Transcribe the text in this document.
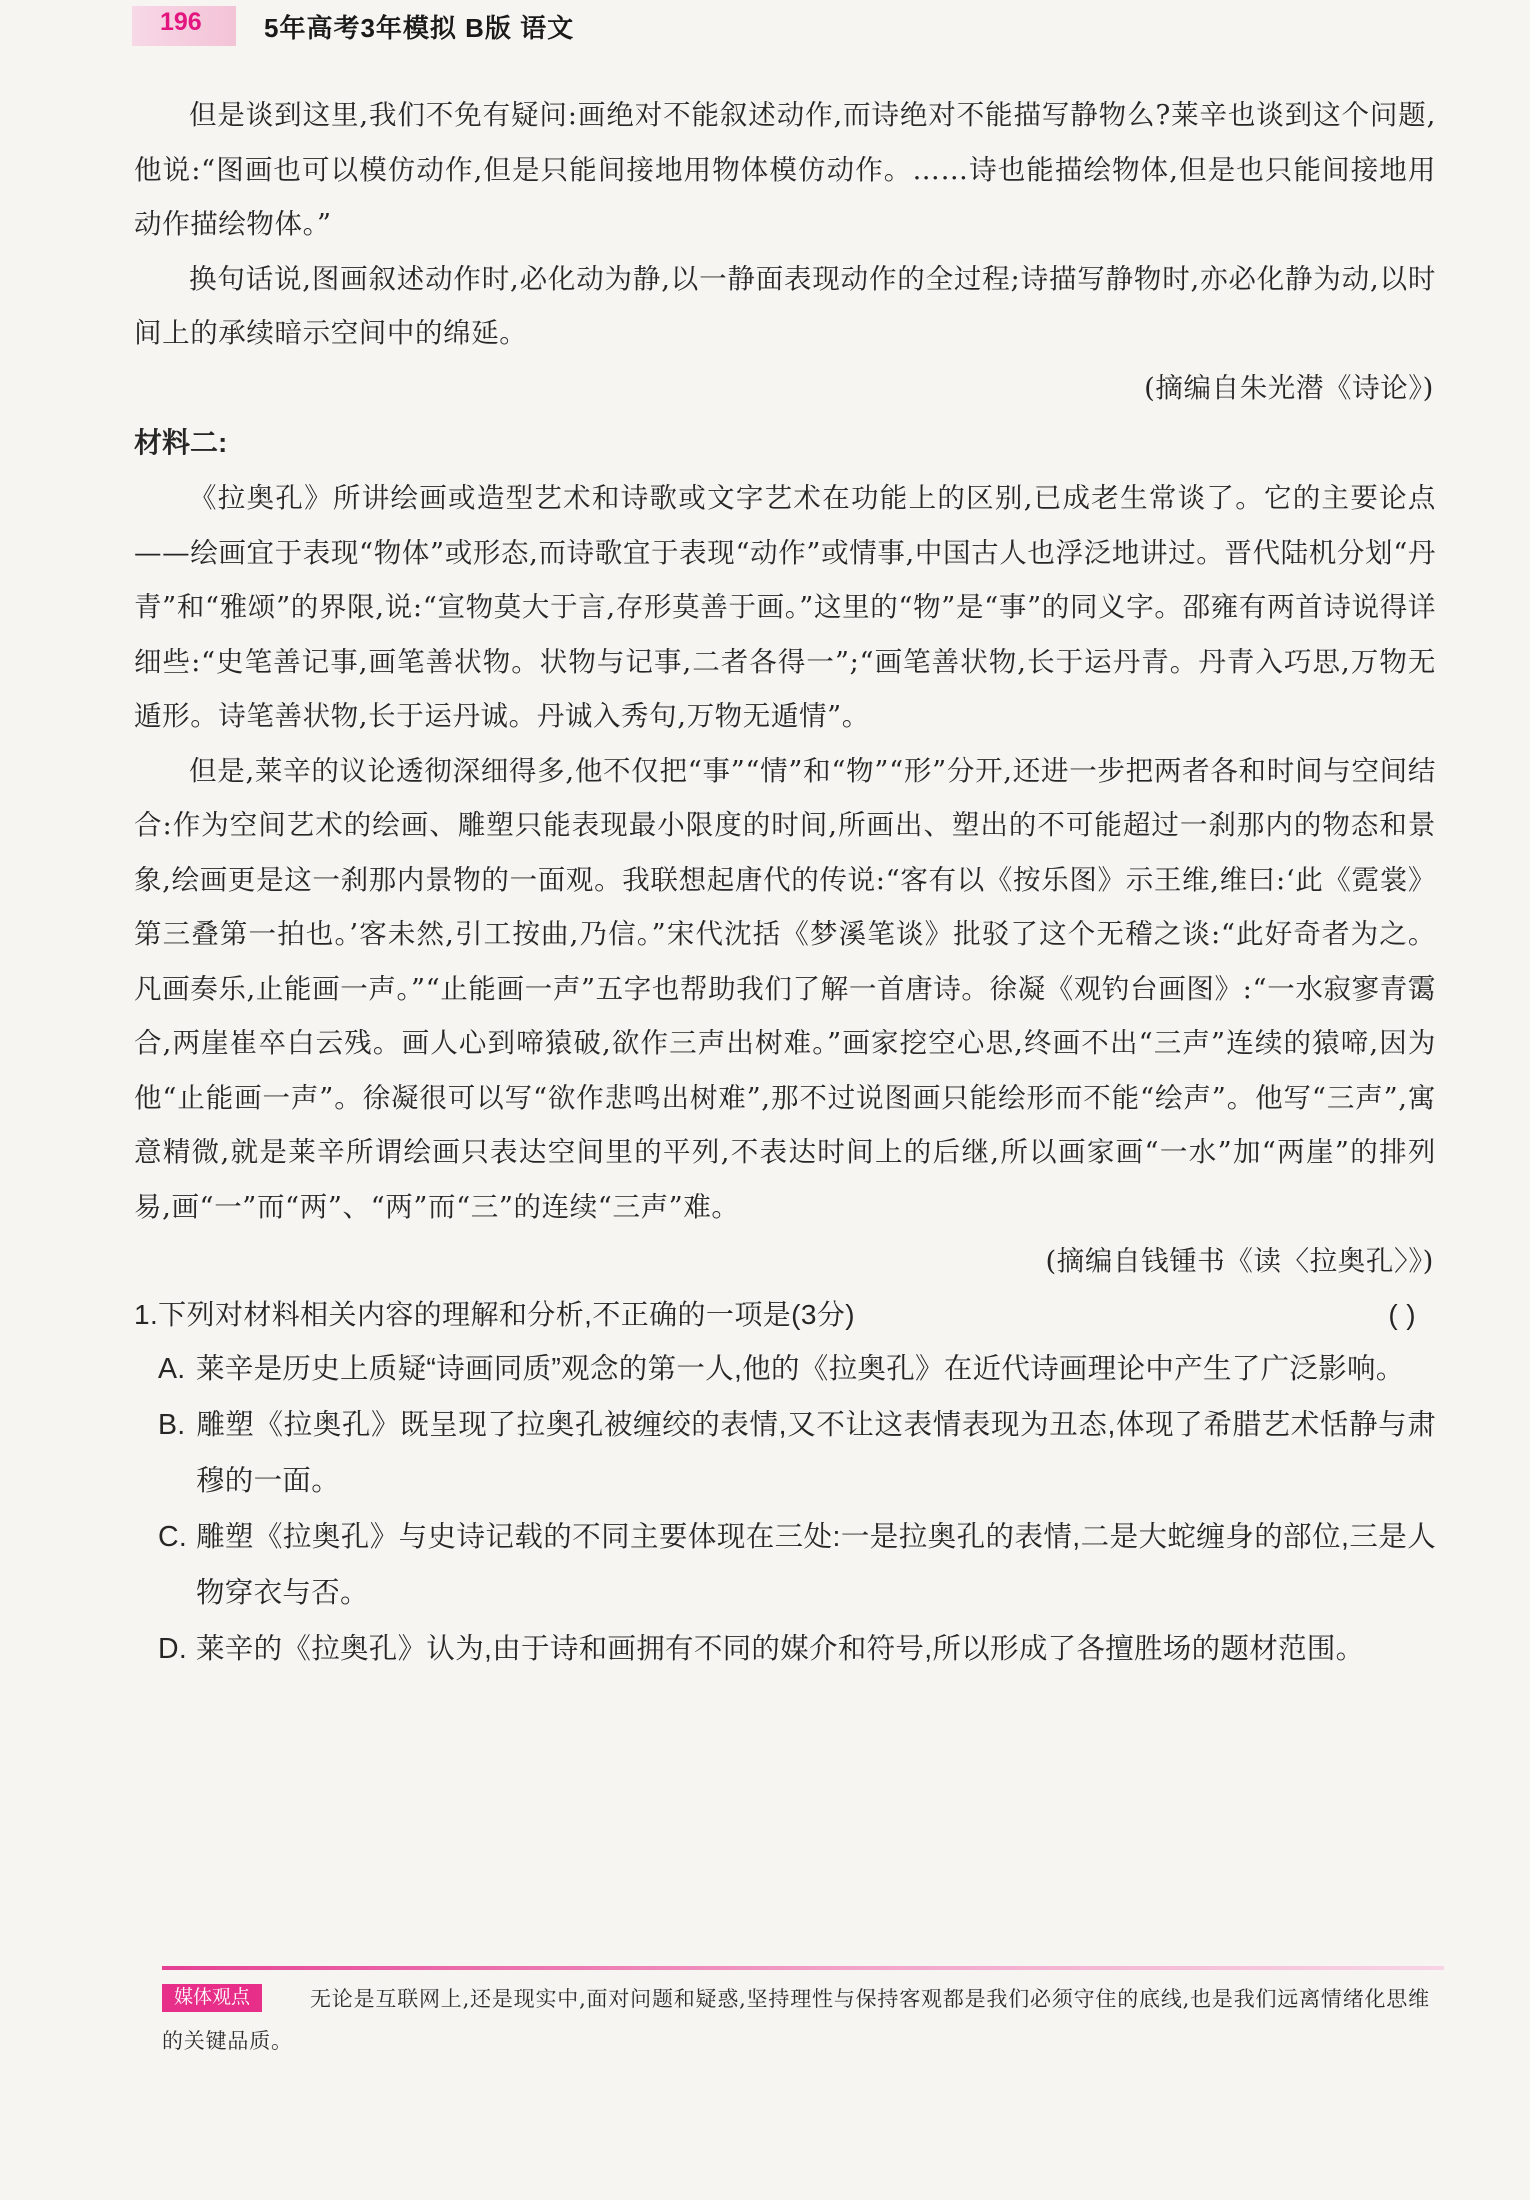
196 5年高考3年模拟 B版 语文

但是谈到这里,我们不免有疑问:画绝对不能叙述动作,而诗绝对不能描写静物么?莱辛也谈到这个问题,他说:“图画也可以模仿动作,但是只能间接地用物体模仿动作。……诗也能描绘物体,但是也只能间接地用动作描绘物体。”

换句话说,图画叙述动作时,必化动为静,以一静面表现动作的全过程;诗描写静物时,亦必化静为动,以时间上的承续暗示空间中的绵延。

(摘编自朱光潜《诗论》)

材料二:

《拉奥孔》所讲绘画或造型艺术和诗歌或文字艺术在功能上的区别,已成老生常谈了。它的主要论点——绘画宜于表现“物体”或形态,而诗歌宜于表现“动作”或情事,中国古人也浮泛地讲过。晋代陆机分划“丹青”和“雅颂”的界限,说:“宣物莫大于言,存形莫善于画。”这里的“物”是“事”的同义字。邵雍有两首诗说得详细些:“史笔善记事,画笔善状物。状物与记事,二者各得一”;“画笔善状物,长于运丹青。丹青入巧思,万物无遁形。诗笔善状物,长于运丹诚。丹诚入秀句,万物无遁情”。

但是,莱辛的议论透彻深细得多,他不仅把“事”“情”和“物”“形”分开,还进一步把两者各和时间与空间结合:作为空间艺术的绘画、雕塑只能表现最小限度的时间,所画出、塑出的不可能超过一刹那内的物态和景象,绘画更是这一刹那内景物的一面观。我联想起唐代的传说:“客有以《按乐图》示王维,维曰:‘此《霓裳》第三叠第一拍也。’客未然,引工按曲,乃信。”宋代沈括《梦溪笔谈》批驳了这个无稽之谈:“此好奇者为之。凡画奏乐,止能画一声。”“止能画一声”五字也帮助我们了解一首唐诗。徐凝《观钓台画图》:“一水寂寥青霭合,两崖崔卒白云残。画人心到啼猿破,欲作三声出树难。”画家挖空心思,终画不出“三声”连续的猿啼,因为他“止能画一声”。徐凝很可以写“欲作悲鸣出树难”,那不过说图画只能绘形而不能“绘声”。他写“三声”,寓意精微,就是莱辛所谓绘画只表达空间里的平列,不表达时间上的后继,所以画家画“一水”加“两崖”的排列易,画“一”而“两”、“两”而“三”的连续“三声”难。

(摘编自钱锺书《读〈拉奥孔〉》)

1.下列对材料相关内容的理解和分析,不正确的一项是(3分)	( )

A. 莱辛是历史上质疑“诗画同质”观念的第一人,他的《拉奥孔》在近代诗画理论中产生了广泛影响。

B. 雕塑《拉奥孔》既呈现了拉奥孔被缠绞的表情,又不让这表情表现为丑态,体现了希腊艺术恬静与肃穆的一面。

C. 雕塑《拉奥孔》与史诗记载的不同主要体现在三处:一是拉奥孔的表情,二是大蛇缠身的部位,三是人物穿衣与否。

D. 莱辛的《拉奥孔》认为,由于诗和画拥有不同的媒介和符号,所以形成了各擅胜场的题材范围。

无论是互联网上,还是现实中,面对问题和疑惑,坚持理性与保持客观都是我们必须守住的底线,也是我们远离情绪化思维的关键品质。

媒体观点
